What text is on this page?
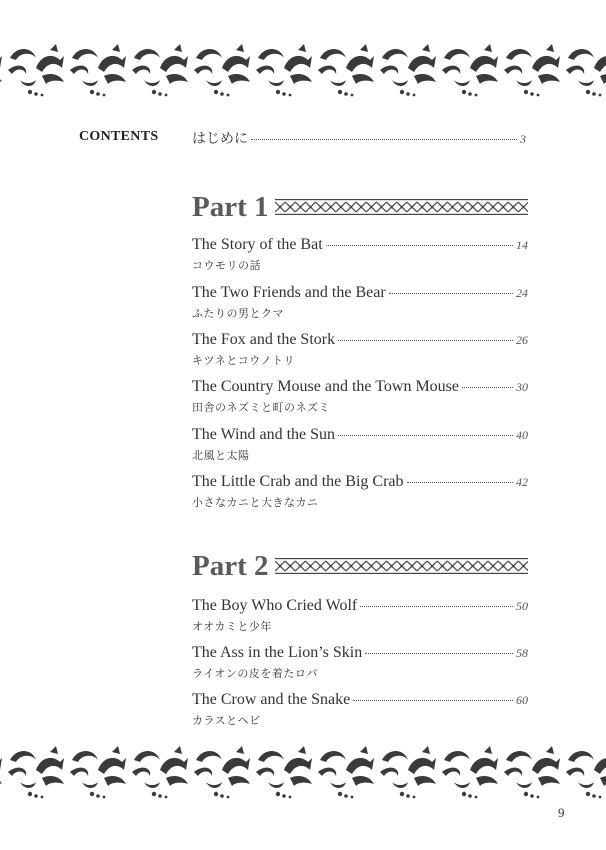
CONTENTS はじめに	3
Part 1
The Story of the Bat	14
コウモリの話
The Two Friends and the Bear	24
ふたりの男とクマ
The Fox and the Stork	26
キツネとコウノトリ
The Country Mouse and the Town Mouse	30
田舎のネズミと町のネズミ
The Wind and the Sun	40
北風と太陽
The Little Crab and the Big Crab	42
小さなカニと大きなカニ
Part 2
The Boy Who Cried Wolf	50
オオカミと少年
The Ass in the Lion’s Skin	58
ライオンの皮を着たロバ
The Crow and the Snake	60
カラスとヘビ
9
